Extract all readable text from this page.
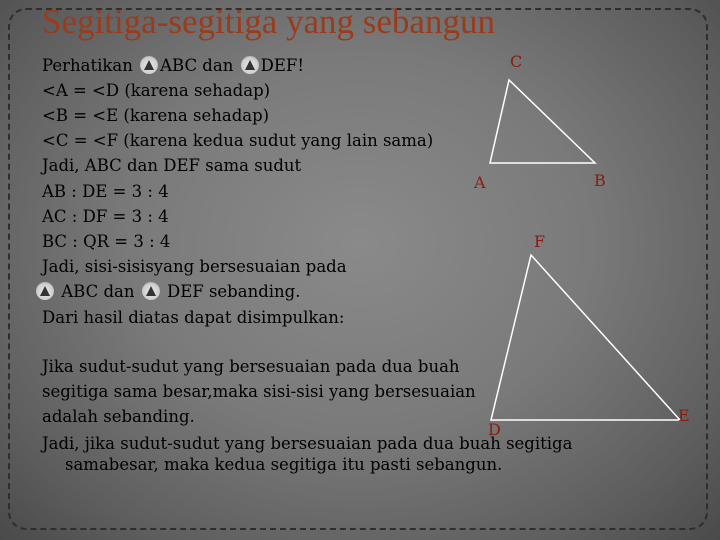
Segitiga-segitiga yang sebangun

Perhatikan
ABC dan
DEF!

<A = <D (karena sehadap)

<B = <E (karena sehadap)

<C = <F (karena kedua sudut yang lain sama)

Jadi, ABC dan DEF sama sudut

AB : DE = 3 : 4

AC : DF = 3 : 4

BC : QR = 3 : 4

Jadi, sisi-sisisyang bersesuaian pada

ABC dan
DEF sebanding.

Dari hasil diatas dapat disimpulkan:

Jika sudut-sudut yang bersesuaian pada dua buah

segitiga sama besar,maka sisi-sisi yang bersesuaian

adalah sebanding.

Jadi, jika sudut-sudut yang bersesuaian pada dua buah segitiga

samabesar, maka kedua segitiga itu pasti sebangun.

C

A	B

F

D

E
